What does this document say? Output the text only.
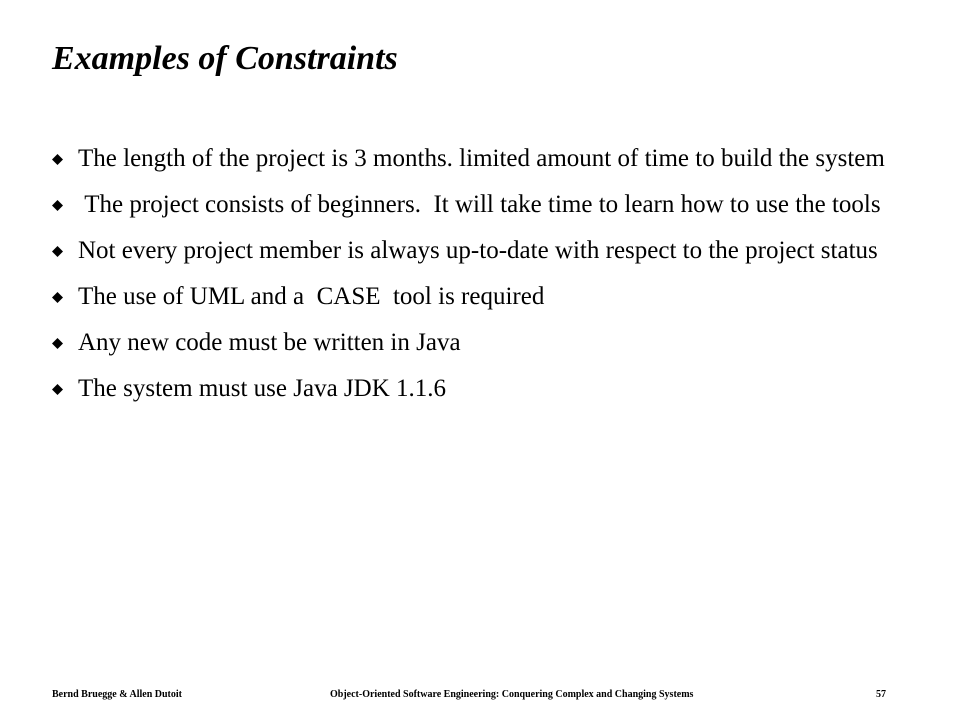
Examples of Constraints
The length of the project is 3 months. limited amount of time to build the system
The project consists of beginners.  It will take time to learn how to use the tools
Not every project member is always up-to-date with respect to the project status
The use of UML and a  CASE  tool is required
Any new code must be written in Java
The system must use Java JDK 1.1.6
Bernd Bruegge & Allen Dutoit	Object-Oriented Software Engineering: Conquering Complex and Changing Systems	57
